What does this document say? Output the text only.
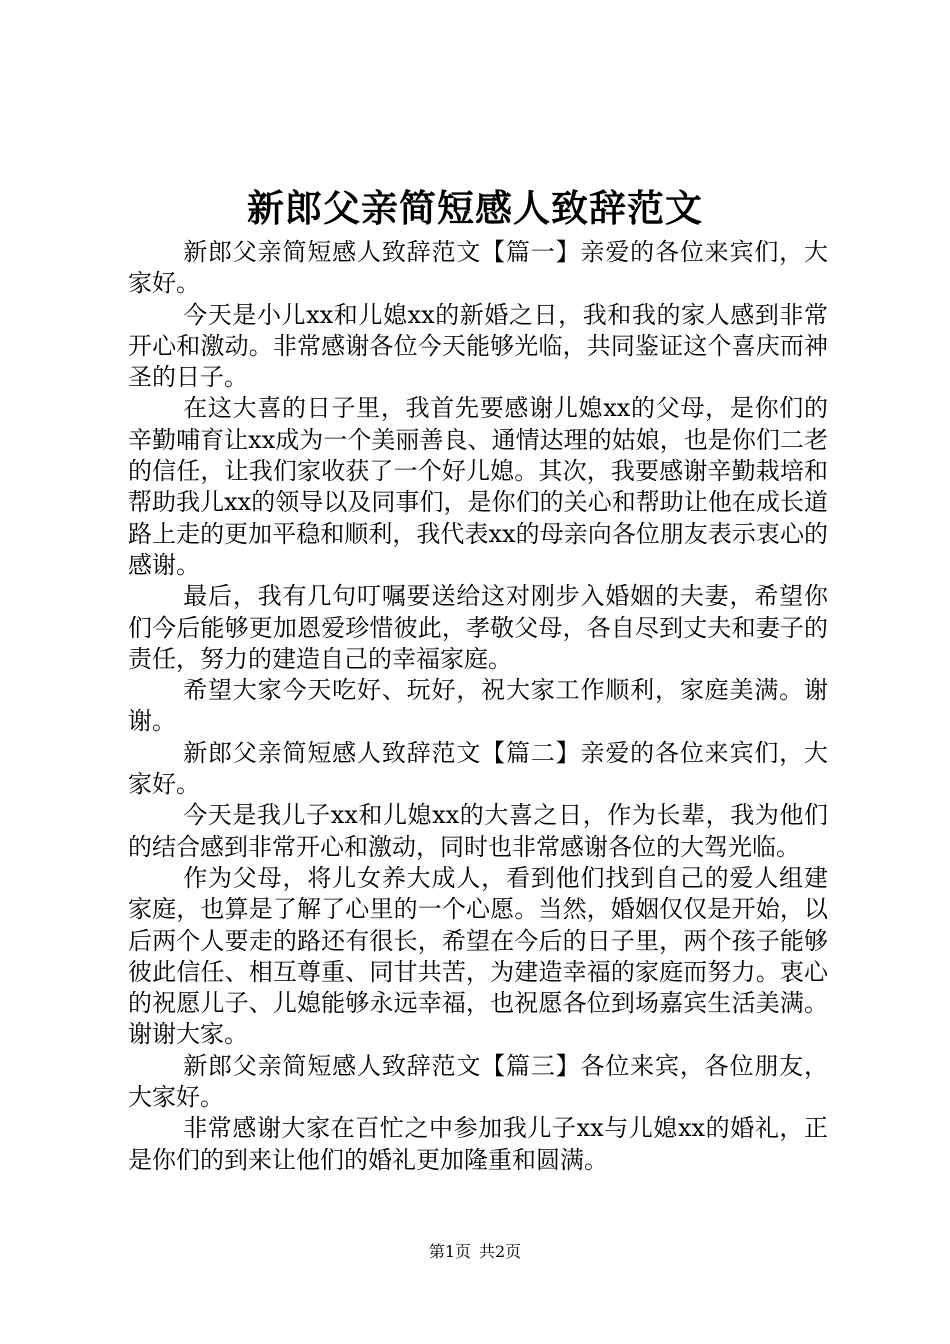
新郎父亲简短感人致辞范文

新郎父亲简短感人致辞范文【篇一】亲爱的各位来宾们，大家好。

今天是小儿xx和儿媳xx的新婚之日，我和我的家人感到非常开心和激动。非常感谢各位今天能够光临，共同鉴证这个喜庆而神圣的日子。

在这大喜的日子里，我首先要感谢儿媳xx的父母，是你们的辛勤哺育让xx成为一个美丽善良、通情达理的姑娘，也是你们二老的信任，让我们家收获了一个好儿媳。其次，我要感谢辛勤栽培和帮助我儿xx的领导以及同事们，是你们的关心和帮助让他在成长道路上走的更加平稳和顺利，我代表xx的母亲向各位朋友表示衷心的感谢。

最后，我有几句叮嘱要送给这对刚步入婚姻的夫妻，希望你们今后能够更加恩爱珍惜彼此，孝敬父母，各自尽到丈夫和妻子的责任，努力的建造自己的幸福家庭。

希望大家今天吃好、玩好，祝大家工作顺利，家庭美满。谢谢。

新郎父亲简短感人致辞范文【篇二】亲爱的各位来宾们，大家好。

今天是我儿子xx和儿媳xx的大喜之日，作为长辈，我为他们的结合感到非常开心和激动，同时也非常感谢各位的大驾光临。

作为父母，将儿女养大成人，看到他们找到自己的爱人组建家庭，也算是了解了心里的一个心愿。当然，婚姻仅仅是开始，以后两个人要走的路还有很长，希望在今后的日子里，两个孩子能够彼此信任、相互尊重、同甘共苦，为建造幸福的家庭而努力。衷心的祝愿儿子、儿媳能够永远幸福，也祝愿各位到场嘉宾生活美满。谢谢大家。

新郎父亲简短感人致辞范文【篇三】各位来宾，各位朋友，大家好。

非常感谢大家在百忙之中参加我儿子xx与儿媳xx的婚礼，正是你们的到来让他们的婚礼更加隆重和圆满。

第1页 共2页
